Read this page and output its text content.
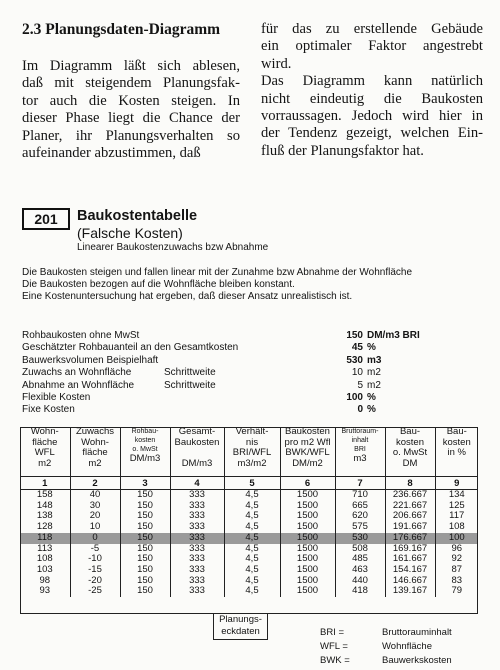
2.3 Planungsdaten-Diagramm
Im Diagramm läßt sich ablesen,
daß mit steigendem Planungsfak-
tor auch die Kosten steigen. In
dieser Phase liegt die Chance der
Planer, ihr Planungsverhalten so
aufeinander abzustimmen, daß
für das zu erstellende Gebäude
ein optimaler Faktor angestrebt
wird.
Das Diagramm kann natürlich
nicht eindeutig die Baukosten
vorraussagen. Jedoch wird hier in
der Tendenz gezeigt, welchen Ein-
fluß der Planungsfaktor hat.
201	Baukostentabelle
(Falsche Kosten)
Linearer Baukostenzuwachs bzw Abnahme
Die Baukosten steigen und fallen linear mit der Zunahme bzw Abnahme der Wohnfläche
Die Baukosten bezogen auf die Wohnfläche bleiben konstant.
Eine Kostenuntersuchung hat ergeben, daß dieser Ansatz unrealistisch ist.
Rohbaukosten ohne MwSt	150 DM/m3 BRI
Geschätzter Rohbauanteil an den Gesamtkosten	45 %
Bauwerksvolumen Beispielhaft	530 m3
Zuwachs an Wohnfläche	Schrittweite	10 m2
Abnahme an Wohnfläche	Schrittweite	5 m2
Flexible Kosten	100 %
Fixe Kosten	0 %
Wohn-
fläche
WFL
m2	Zuwachs
Wohn-
fläche
m2	Rohbau-
kosten
o. MwSt
DM/m3	Gesamt-
Baukosten

DM/m3	Verhält-
nis
BRI/WFL
m3/m2	Baukosten
pro m2 Wfl
BWK/WFL
DM/m2	Bruttoraum-
inhalt
BRI
m3	Bau-
kosten
o. MwSt
DM	Bau-
kosten
in %

1	2	3	4	5	6	7	8	9
158	40	150	333	4,5	1500	710	236.667	134
148	30	150	333	4,5	1500	665	221.667	125
138	20	150	333	4,5	1500	620	206.667	117
128	10	150	333	4,5	1500	575	191.667	108
118	0	150	333	4,5	1500	530	176.667	100
113	-5	150	333	4,5	1500	508	169.167	96
108	-10	150	333	4,5	1500	485	161.667	92
103	-15	150	333	4,5	1500	463	154.167	87
98	-20	150	333	4,5	1500	440	146.667	83
93	-25	150	333	4,5	1500	418	139.167	79
Planungs-
eckdaten	BRI =	Bruttorauminhalt
WFL =	Wohnfläche
BWK =	Bauwerkskosten
